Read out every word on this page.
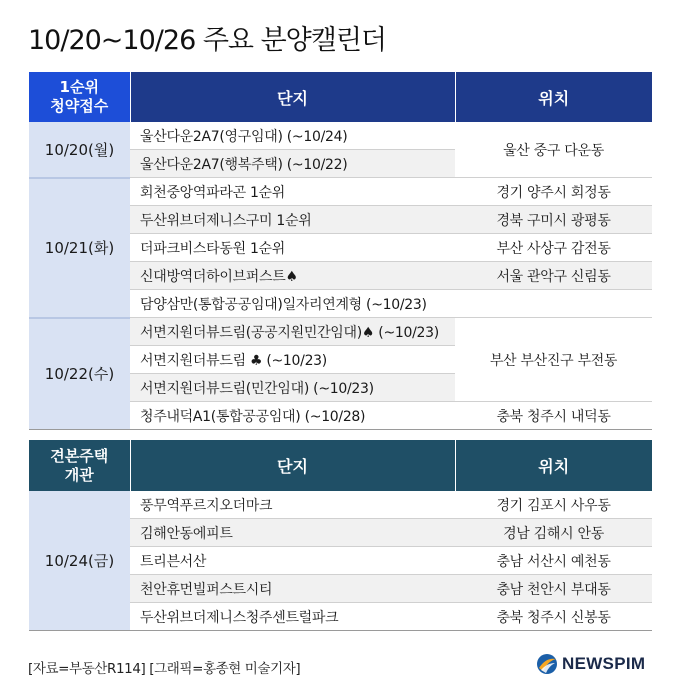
10/20~10/26 주요 분양캘린더
1순위
청약접수	단지	위치
10/20(월)	울산다운2A7(영구임대) (~10/24)	울산 중구 다운동
	울산다운2A7(행복주택) (~10/22)	
10/21(화)	회천중앙역파라곤 1순위	경기 양주시 회정동
	두산위브더제니스구미 1순위	경북 구미시 광평동
	더파크비스타동원 1순위	부산 사상구 감전동
	신대방역더하이브퍼스트♠	서울 관악구 신림동
	담양삼만(통합공공임대)일자리연계형 (~10/23)	
10/22(수)	서면지원더뷰드림(공공지원민간임대)♠ (~10/23)	부산 부산진구 부전동
	서면지원더뷰드림 ♣ (~10/23)	
	서면지원더뷰드림(민간임대) (~10/23)	
	청주내덕A1(통합공공임대) (~10/28)	충북 청주시 내덕동
견본주택
개관	단지	위치
10/24(금)	풍무역푸르지오더마크	경기 김포시 사우동
	김해안동에피트	경남 김해시 안동
	트리븐서산	충남 서산시 예천동
	천안휴먼빌퍼스트시티	충남 천안시 부대동
	두산위브더제니스청주센트럴파크	충북 청주시 신봉동
[자료=부동산R114] [그래픽=홍종현 미술기자]	NEWSPIM
